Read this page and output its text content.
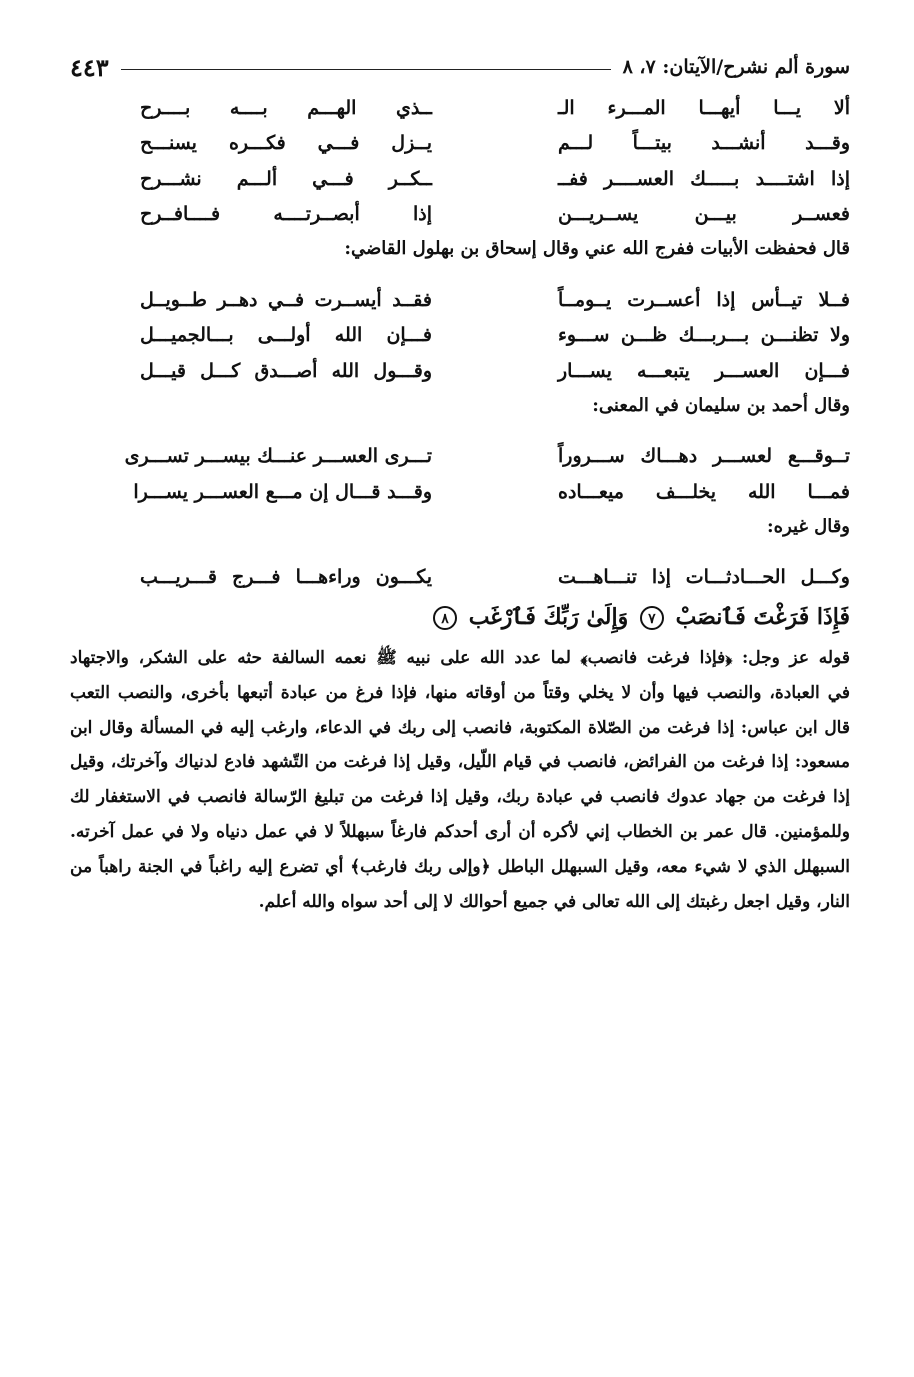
سورة ألم نشرح/الآيتان: ٧، ٨
٤٤٣
ألا يـــا أيهـــا المـــرء الـ
ــذي الهـــم بــــه بــــرح
وقـــد أنشـــد بيتـــاً لـــم
يــزل فـــي فكـــره يسنـــح
إذا اشتــــد بـــــك العســــر ففــ
ــكــر فـــي ألـــم نشـــرح
فعســر بيـــن يســريـــن
إذا أبصــرتــــه فــــافــرح
قال فحفظت الأبيات ففرج الله عني وقال إسحاق بن بهلول القاضي:
فــلا تيــأس إذا أعســرت يــومــاً
فقــد أيســرت فــي دهــر طــويــل
ولا تظنـــن بـــربـــك ظـــن ســـوء
فـــإن الله أولـــى بـــالجميـــل
فـــإن العســـر يتبعـــه يســـار
وقـــول الله أصـــدق كـــل قيـــل
وقال أحمد بن سليمان في المعنى:
تــوقـــع لعســـر دهـــاك ســـروراً
تـــرى العســـر عنـــك بيســـر تســـرى
فمـــا الله يخلـــف ميعـــاده
وقـــد قـــال إن مـــع العســـر يســـرا
وقال غيره:
وكـــل الحـــادثـــات إذا تنـــاهـــت
يكـــون وراءهـــا فـــرج قـــريـــب
فَإِذَا فَرَغْتَ فَٱنصَبْ ٧ وَإِلَىٰ رَبِّكَ فَٱرْغَب ٨
قوله عز وجل: ﴿فإذا فرغت فانصب﴾ لما عدد الله على نبيه ﷺ نعمه السالفة حثه على الشكر، والاجتهاد
في العبادة، والنصب فيها وأن لا يخلي وقتاً من أوقاته منها، فإذا فرغ من عبادة أتبعها بأخرى، والنصب التعب
قال ابن عباس: إذا فرغت من الصّلاة المكتوبة، فانصب إلى ربك في الدعاء، وارغب إليه في المسألة وقال ابن
مسعود: إذا فرغت من الفرائض، فانصب في قيام اللّيل، وقيل إذا فرغت من التّشهد فادع لدنياك وآخرتك، وقيل
إذا فرغت من جهاد عدوك فانصب في عبادة ربك، وقيل إذا فرغت من تبليغ الرّسالة فانصب في الاستغفار لك
وللمؤمنين. قال عمر بن الخطاب إني لأكره أن أرى أحدكم فارغاً سبهللاً لا في عمل دنياه ولا في عمل آخرته.
السبهلل الذي لا شيء معه، وقيل السبهلل الباطل ﴿وإلى ربك فارغب﴾ أي تضرع إليه راغباً في الجنة راهباً من
النار، وقيل اجعل رغبتك إلى الله تعالى في جميع أحوالك لا إلى أحد سواه والله أعلم.
